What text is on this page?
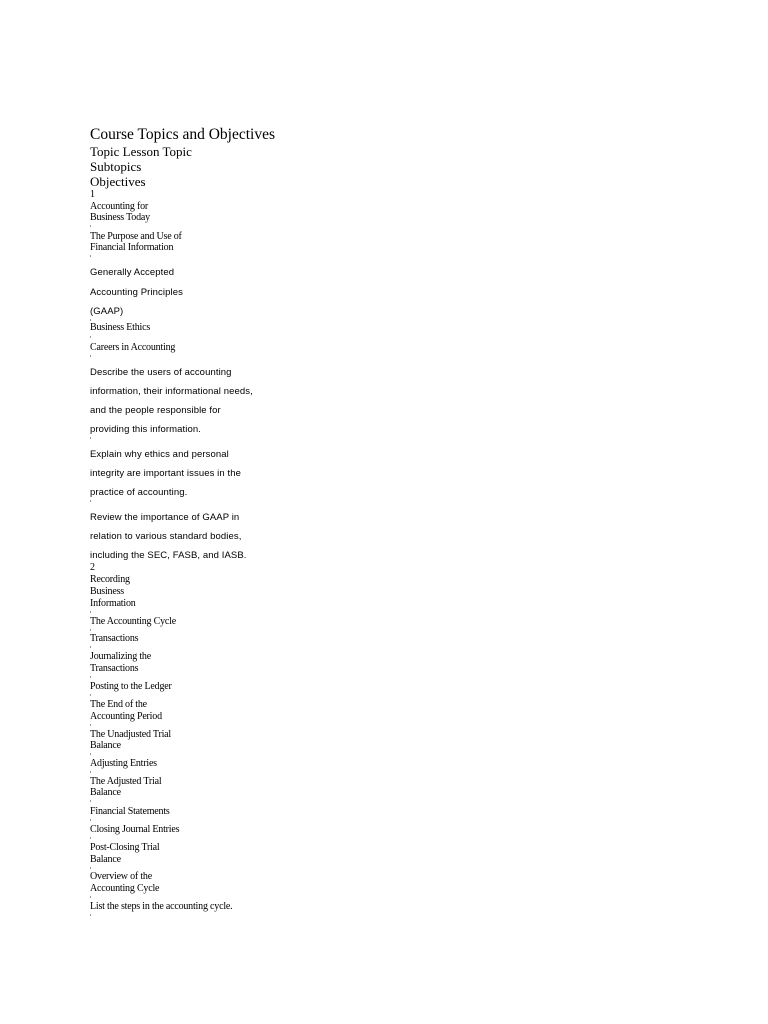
Course Topics and Objectives
Topic Lesson Topic
Subtopics
Objectives
1
Accounting for
Business Today
The Purpose and Use of
Financial Information
Generally Accepted
Accounting Principles
(GAAP)
Business Ethics
Careers in Accounting
Describe the users of accounting
information, their informational needs,
and the people responsible for
providing this information.
Explain why ethics and personal
integrity are important issues in the
practice of accounting.
Review the importance of GAAP in
relation to various standard bodies,
including the SEC, FASB, and IASB.
2
Recording
Business
Information
The Accounting Cycle
Transactions
Journalizing the
Transactions
Posting to the Ledger
The End of the
Accounting Period
The Unadjusted Trial
Balance
Adjusting Entries
The Adjusted Trial
Balance
Financial Statements
Closing Journal Entries
Post-Closing Trial
Balance
Overview of the
Accounting Cycle
List the steps in the accounting cycle.
